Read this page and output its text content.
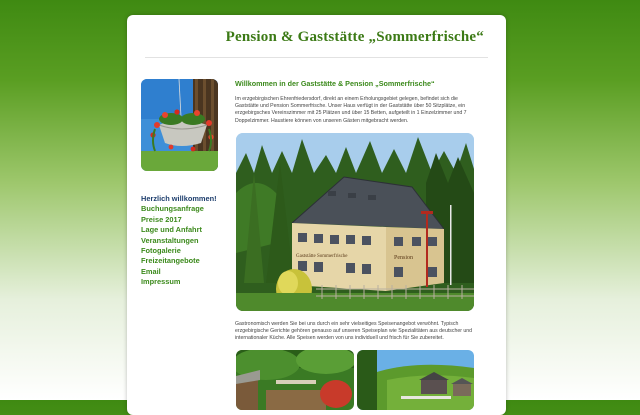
Pension & Gaststätte „Sommerfrische“
Herzlich willkommen!
Buchungsanfrage
Preise 2017
Lage und Anfahrt
Veranstaltungen
Fotogalerie
Freizeitangebote
Email
Impressum
Willkommen in der Gaststätte & Pension „Sommerfrische“

Im erzgebirgischen Ehrenfriedersdorf, direkt an einem Erholungsgebiet gelegen, befindet sich die Gaststätte und Pension Sommerfrische. Unser Haus verfügt in der Gaststätte über 50 Sitzplätze, ein erzgebirgsches Vereinszimmer mit 25 Plätzen und über 15 Betten, aufgeteilt in 1 Einzelzimmer und 7 Doppelzimmer. Haustiere können von unseren Gästen mitgebracht werden.

Gaststätte Sommerfrische	Pension

Gastronomisch werden Sie bei uns durch ein sehr vielseitiges Speisenangebot verwöhnt. Typisch erzgebirgische Gerichte gehören genauso auf unseren Speiseplan wie Spezialitäten aus deutscher und internationaler Küche. Alle Speisen werden von uns individuell und frisch für Sie zubereitet.
